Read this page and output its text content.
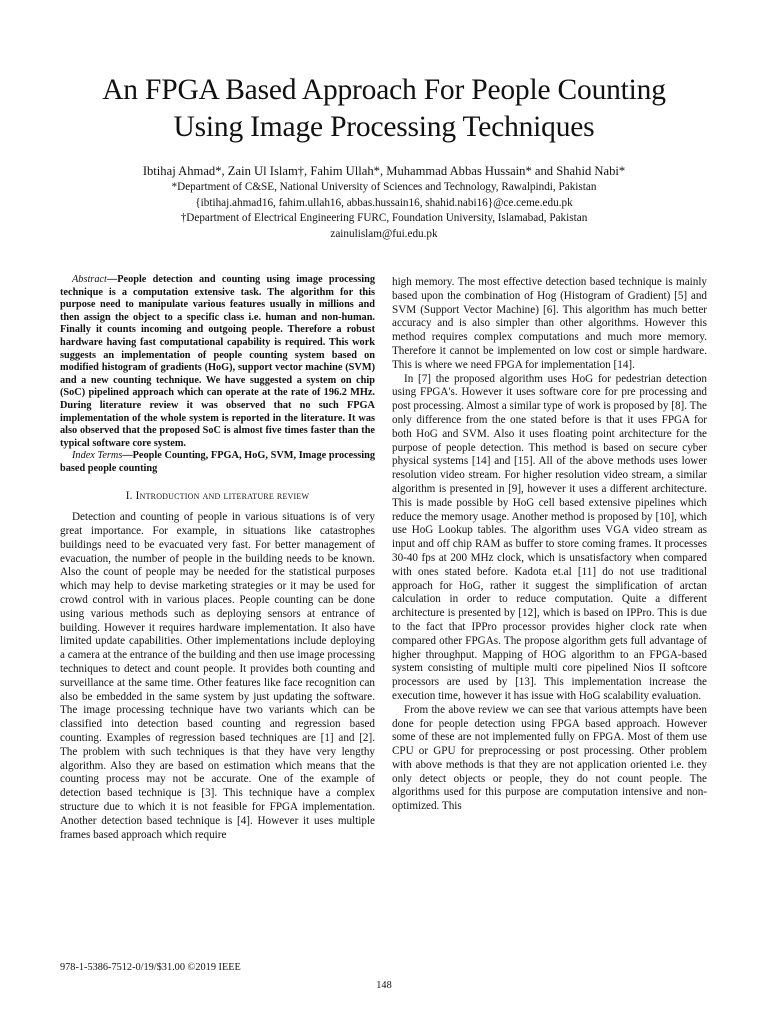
An FPGA Based Approach For People Counting
Using Image Processing Techniques
Ibtihaj Ahmad*, Zain Ul Islam†, Fahim Ullah*, Muhammad Abbas Hussain* and Shahid Nabi*
*Department of C&SE, National University of Sciences and Technology, Rawalpindi, Pakistan
{ibtihaj.ahmad16, fahim.ullah16, abbas.hussain16, shahid.nabi16}@ce.ceme.edu.pk
†Department of Electrical Engineering FURC, Foundation University, Islamabad, Pakistan
zainulislam@fui.edu.pk

Abstract—People detection and counting using image processing technique is a computation extensive task. The algorithm for this purpose need to manipulate various features usually in millions and then assign the object to a specific class i.e. human and non-human. Finally it counts incoming and outgoing people. Therefore a robust hardware having fast computational capability is required. This work suggests an implementation of people counting system based on modified histogram of gradients (HoG), support vector machine (SVM) and a new counting technique. We have suggested a system on chip (SoC) pipelined approach which can operate at the rate of 196.2 MHz. During literature review it was observed that no such FPGA implementation of the whole system is reported in the literature. It was also observed that the proposed SoC is almost five times faster than the typical software core system.

Index Terms—People Counting, FPGA, HoG, SVM, Image processing based people counting

I. Introduction and literature review

Detection and counting of people in various situations is of very great importance. For example, in situations like catastrophes buildings need to be evacuated very fast. For better management of evacuation, the number of people in the building needs to be known. Also the count of people may be needed for the statistical purposes which may help to devise marketing strategies or it may be used for crowd control with in various places. People counting can be done using various methods such as deploying sensors at entrance of building. However it requires hardware implementation. It also have limited update capabilities. Other implementations include deploying a camera at the entrance of the building and then use image processing techniques to detect and count people. It provides both counting and surveillance at the same time. Other features like face recognition can also be embedded in the same system by just updating the software. The image processing technique have two variants which can be classified into detection based counting and regression based counting. Examples of regression based techniques are [1] and [2]. The problem with such techniques is that they have very lengthy algorithm. Also they are based on estimation which means that the counting process may not be accurate. One of the example of detection based technique is [3]. This technique have a complex structure due to which it is not feasible for FPGA implementation. Another detection based technique is [4]. However it uses multiple frames based approach which require

high memory. The most effective detection based technique is mainly based upon the combination of Hog (Histogram of Gradient) [5] and SVM (Support Vector Machine) [6]. This algorithm has much better accuracy and is also simpler than other algorithms. However this method requires complex computations and much more memory. Therefore it cannot be implemented on low cost or simple hardware. This is where we need FPGA for implementation [14].

In [7] the proposed algorithm uses HoG for pedestrian detection using FPGA's. However it uses software core for pre processing and post processing. Almost a similar type of work is proposed by [8]. The only difference from the one stated before is that it uses FPGA for both HoG and SVM. Also it uses floating point architecture for the purpose of people detection. This method is based on secure cyber physical systems [14] and [15]. All of the above methods uses lower resolution video stream. For higher resolution video stream, a similar algorithm is presented in [9], however it uses a different architecture. This is made possible by HoG cell based extensive pipelines which reduce the memory usage. Another method is proposed by [10], which use HoG Lookup tables. The algorithm uses VGA video stream as input and off chip RAM as buffer to store coming frames. It processes 30-40 fps at 200 MHz clock, which is unsatisfactory when compared with ones stated before. Kadota et.al [11] do not use traditional approach for HoG, rather it suggest the simplification of arctan calculation in order to reduce computation. Quite a different architecture is presented by [12], which is based on IPPro. This is due to the fact that IPPro processor provides higher clock rate when compared other FPGAs. The propose algorithm gets full advantage of higher throughput. Mapping of HOG algorithm to an FPGA-based system consisting of multiple multi core pipelined Nios II softcore processors are used by [13]. This implementation increase the execution time, however it has issue with HoG scalability evaluation.

From the above review we can see that various attempts have been done for people detection using FPGA based approach. However some of these are not implemented fully on FPGA. Most of them use CPU or GPU for preprocessing or post processing. Other problem with above methods is that they are not application oriented i.e. they only detect objects or people, they do not count people. The algorithms used for this purpose are computation intensive and non-optimized. This

978-1-5386-7512-0/19/$31.00 ©2019 IEEE
148
